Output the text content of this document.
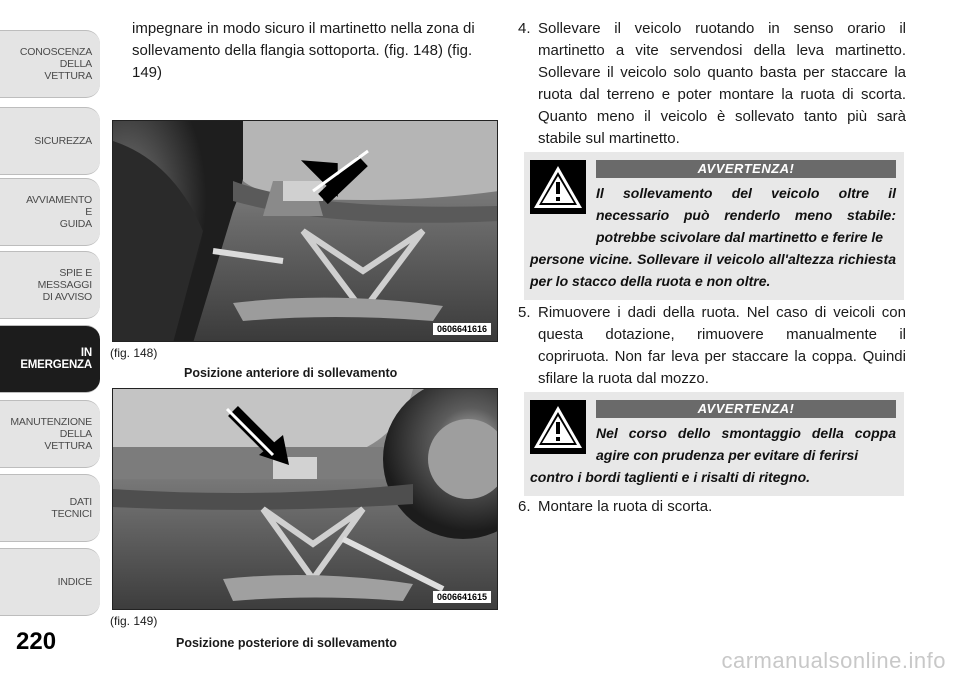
CONOSCENZA
DELLA
VETTURA
SICUREZZA
AVVIAMENTO
E
GUIDA
SPIE E
MESSAGGI
DI AVVISO
IN
EMERGENZA
MANUTENZIONE
DELLA
VETTURA
DATI
TECNICI
INDICE
220

impegnare in modo sicuro il martinetto nella zona di sollevamento della flangia sottoporta. (fig. 148) (fig. 149)

0606641616
(fig. 148)
Posizione anteriore di sollevamento
0606641615
(fig. 149)
Posizione posteriore di sollevamento
4. Sollevare il veicolo ruotando in senso orario il martinetto a vite servendosi della leva martinetto. Sollevare il veicolo solo quanto basta per staccare la ruota dal terreno e poter montare la ruota di scorta. Quanto meno il veicolo è sollevato tanto più sarà stabile sul martinetto.
AVVERTENZA!
Il sollevamento del veicolo oltre il necessario può renderlo meno stabile: potrebbe scivolare dal martinetto e ferire le
persone vicine. Sollevare il veicolo all'altezza richiesta per lo stacco della ruota e non oltre.
5. Rimuovere i dadi della ruota. Nel caso di veicoli con questa dotazione, rimuovere manualmente il copriruota. Non far leva per staccare la coppa. Quindi sfilare la ruota dal mozzo.
AVVERTENZA!
Nel corso dello smontaggio della coppa agire con prudenza per evitare di ferirsi
contro i bordi taglienti e i risalti di ritegno.
6. Montare la ruota di scorta.
carmanualsonline.info
